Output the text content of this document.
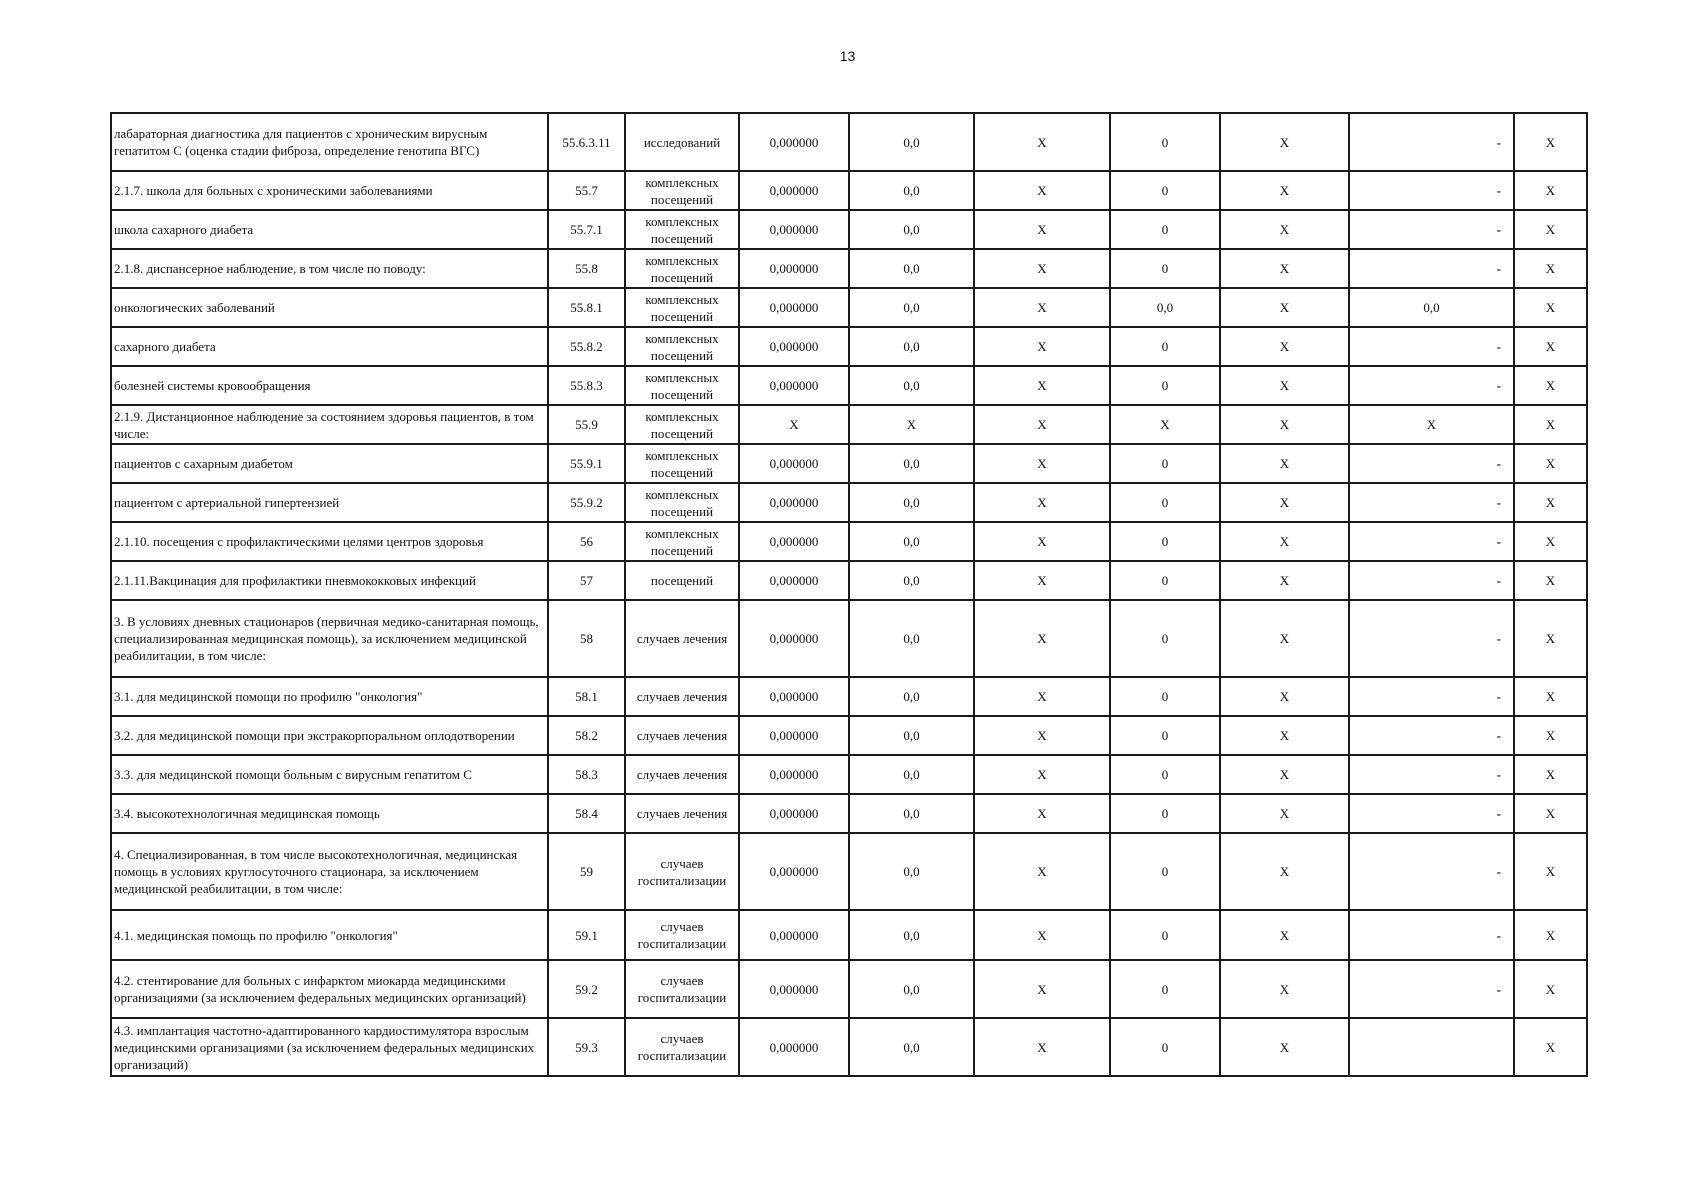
13
лабараторная диагностика для пациентов с хроническим вирусным гепатитом С (оценка стадии фиброза, определение генотипа ВГС)	55.6.3.11	исследований	0,000000	0,0	X	0	X	-	X
2.1.7. школа для больных с хроническими заболеваниями	55.7	комплексных посещений	0,000000	0,0	X	0	X	-	X
школа сахарного диабета	55.7.1	комплексных посещений	0,000000	0,0	X	0	X	-	X
2.1.8. диспансерное наблюдение, в том числе по поводу:	55.8	комплексных посещений	0,000000	0,0	X	0	X	-	X
онкологических заболеваний	55.8.1	комплексных посещений	0,000000	0,0	X	0,0	X	0,0	X
сахарного диабета	55.8.2	комплексных посещений	0,000000	0,0	X	0	X	-	X
болезней системы кровообращения	55.8.3	комплексных посещений	0,000000	0,0	X	0	X	-	X
2.1.9. Дистанционное наблюдение за состоянием здоровья пациентов, в том числе:	55.9	комплексных посещений	X	X	X	X	X	X	X
пациентов с сахарным диабетом	55.9.1	комплексных посещений	0,000000	0,0	X	0	X	-	X
пациентом с артериальной гипертензией	55.9.2	комплексных посещений	0,000000	0,0	X	0	X	-	X
2.1.10. посещения с профилактическими целями центров здоровья	56	комплексных посещений	0,000000	0,0	X	0	X	-	X
2.1.11.Вакцинация для профилактики пневмококковых инфекций	57	посещений	0,000000	0,0	X	0	X	-	X
3. В условиях дневных стационаров (первичная медико-санитарная помощь, специализированная медицинская помощь), за исключением медицинской реабилитации, в том числе:	58	случаев лечения	0,000000	0,0	X	0	X	-	X
3.1. для медицинской помощи по профилю "онкология"	58.1	случаев лечения	0,000000	0,0	X	0	X	-	X
3.2. для медицинской помощи при экстракорпоральном оплодотворении	58.2	случаев лечения	0,000000	0,0	X	0	X	-	X
3.3. для медицинской помощи больным с вирусным гепатитом С	58.3	случаев лечения	0,000000	0,0	X	0	X	-	X
3.4. высокотехнологичная медицинская помощь	58.4	случаев лечения	0,000000	0,0	X	0	X	-	X
4. Специализированная, в том числе высокотехнологичная, медицинская помощь в условиях круглосуточного стационара, за исключением медицинской реабилитации, в том числе:	59	случаев госпитализации	0,000000	0,0	X	0	X	-	X
4.1. медицинская помощь по профилю "онкология"	59.1	случаев госпитализации	0,000000	0,0	X	0	X	-	X
4.2. стентирование для больных с инфарктом миокарда медицинскими организациями (за исключением федеральных медицинских организаций)	59.2	случаев госпитализации	0,000000	0,0	X	0	X	-	X
4.3. имплантация частотно-адаптированного кардиостимулятора взрослым медицинскими организациями (за исключением федеральных медицинских организаций)	59.3	случаев госпитализации	0,000000	0,0	X	0	X		X
